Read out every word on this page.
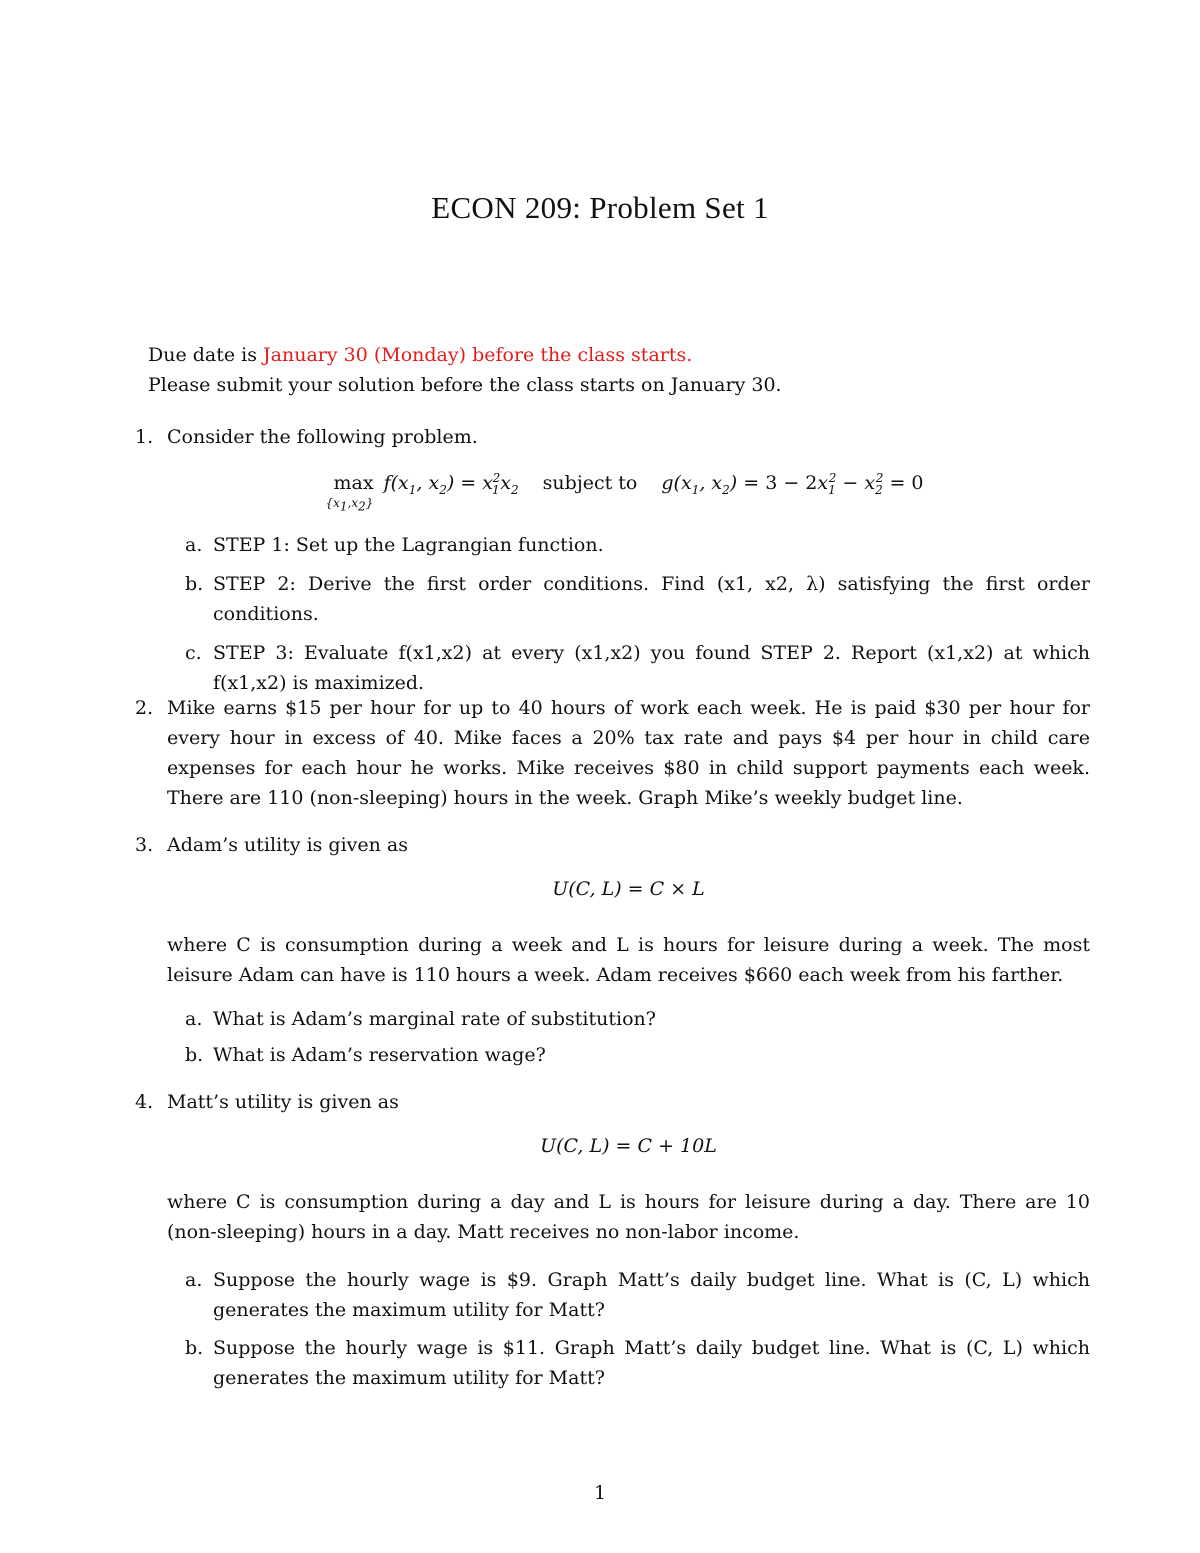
ECON 209: Problem Set 1
Due date is January 30 (Monday) before the class starts.
Please submit your solution before the class starts on January 30.
1. Consider the following problem.
max
$\{x_1,x_2\}$
$f(x_1$, $x_2) = x_1^2x_2$ subject to $g(x_1$, $x_2) = 3 - 2x_1^2 - x_2^2 = 0$
a. STEP 1: Set up the Lagrangian function.
b. STEP 2: Derive the first order conditions. Find (x1, x2, λ) satisfying the first order conditions.
c. STEP 3: Evaluate f(x1,x2) at every (x1,x2) you found STEP 2. Report (x1,x2) at which f(x1,x2) is maximized.
2. Mike earns $15 per hour for up to 40 hours of work each week. He is paid $30 per hour for every hour in excess of 40. Mike faces a 20% tax rate and pays $4 per hour in child care expenses for each hour he works. Mike receives $80 in child support payments each week. There are 110 (non-sleeping) hours in the week. Graph Mike’s weekly budget line.
3. Adam’s utility is given as
U(C, L) = C × L
where C is consumption during a week and L is hours for leisure during a week. The most leisure Adam can have is 110 hours a week. Adam receives $660 each week from his farther.
a. What is Adam’s marginal rate of substitution?
b. What is Adam’s reservation wage?
4. Matt’s utility is given as
U(C, L) = C + 10L
where C is consumption during a day and L is hours for leisure during a day. There are 10 (non-sleeping) hours in a day. Matt receives no non-labor income.
a. Suppose the hourly wage is $9. Graph Matt’s daily budget line. What is (C, L) which generates the maximum utility for Matt?
b. Suppose the hourly wage is $11. Graph Matt’s daily budget line. What is (C, L) which generates the maximum utility for Matt?
1
